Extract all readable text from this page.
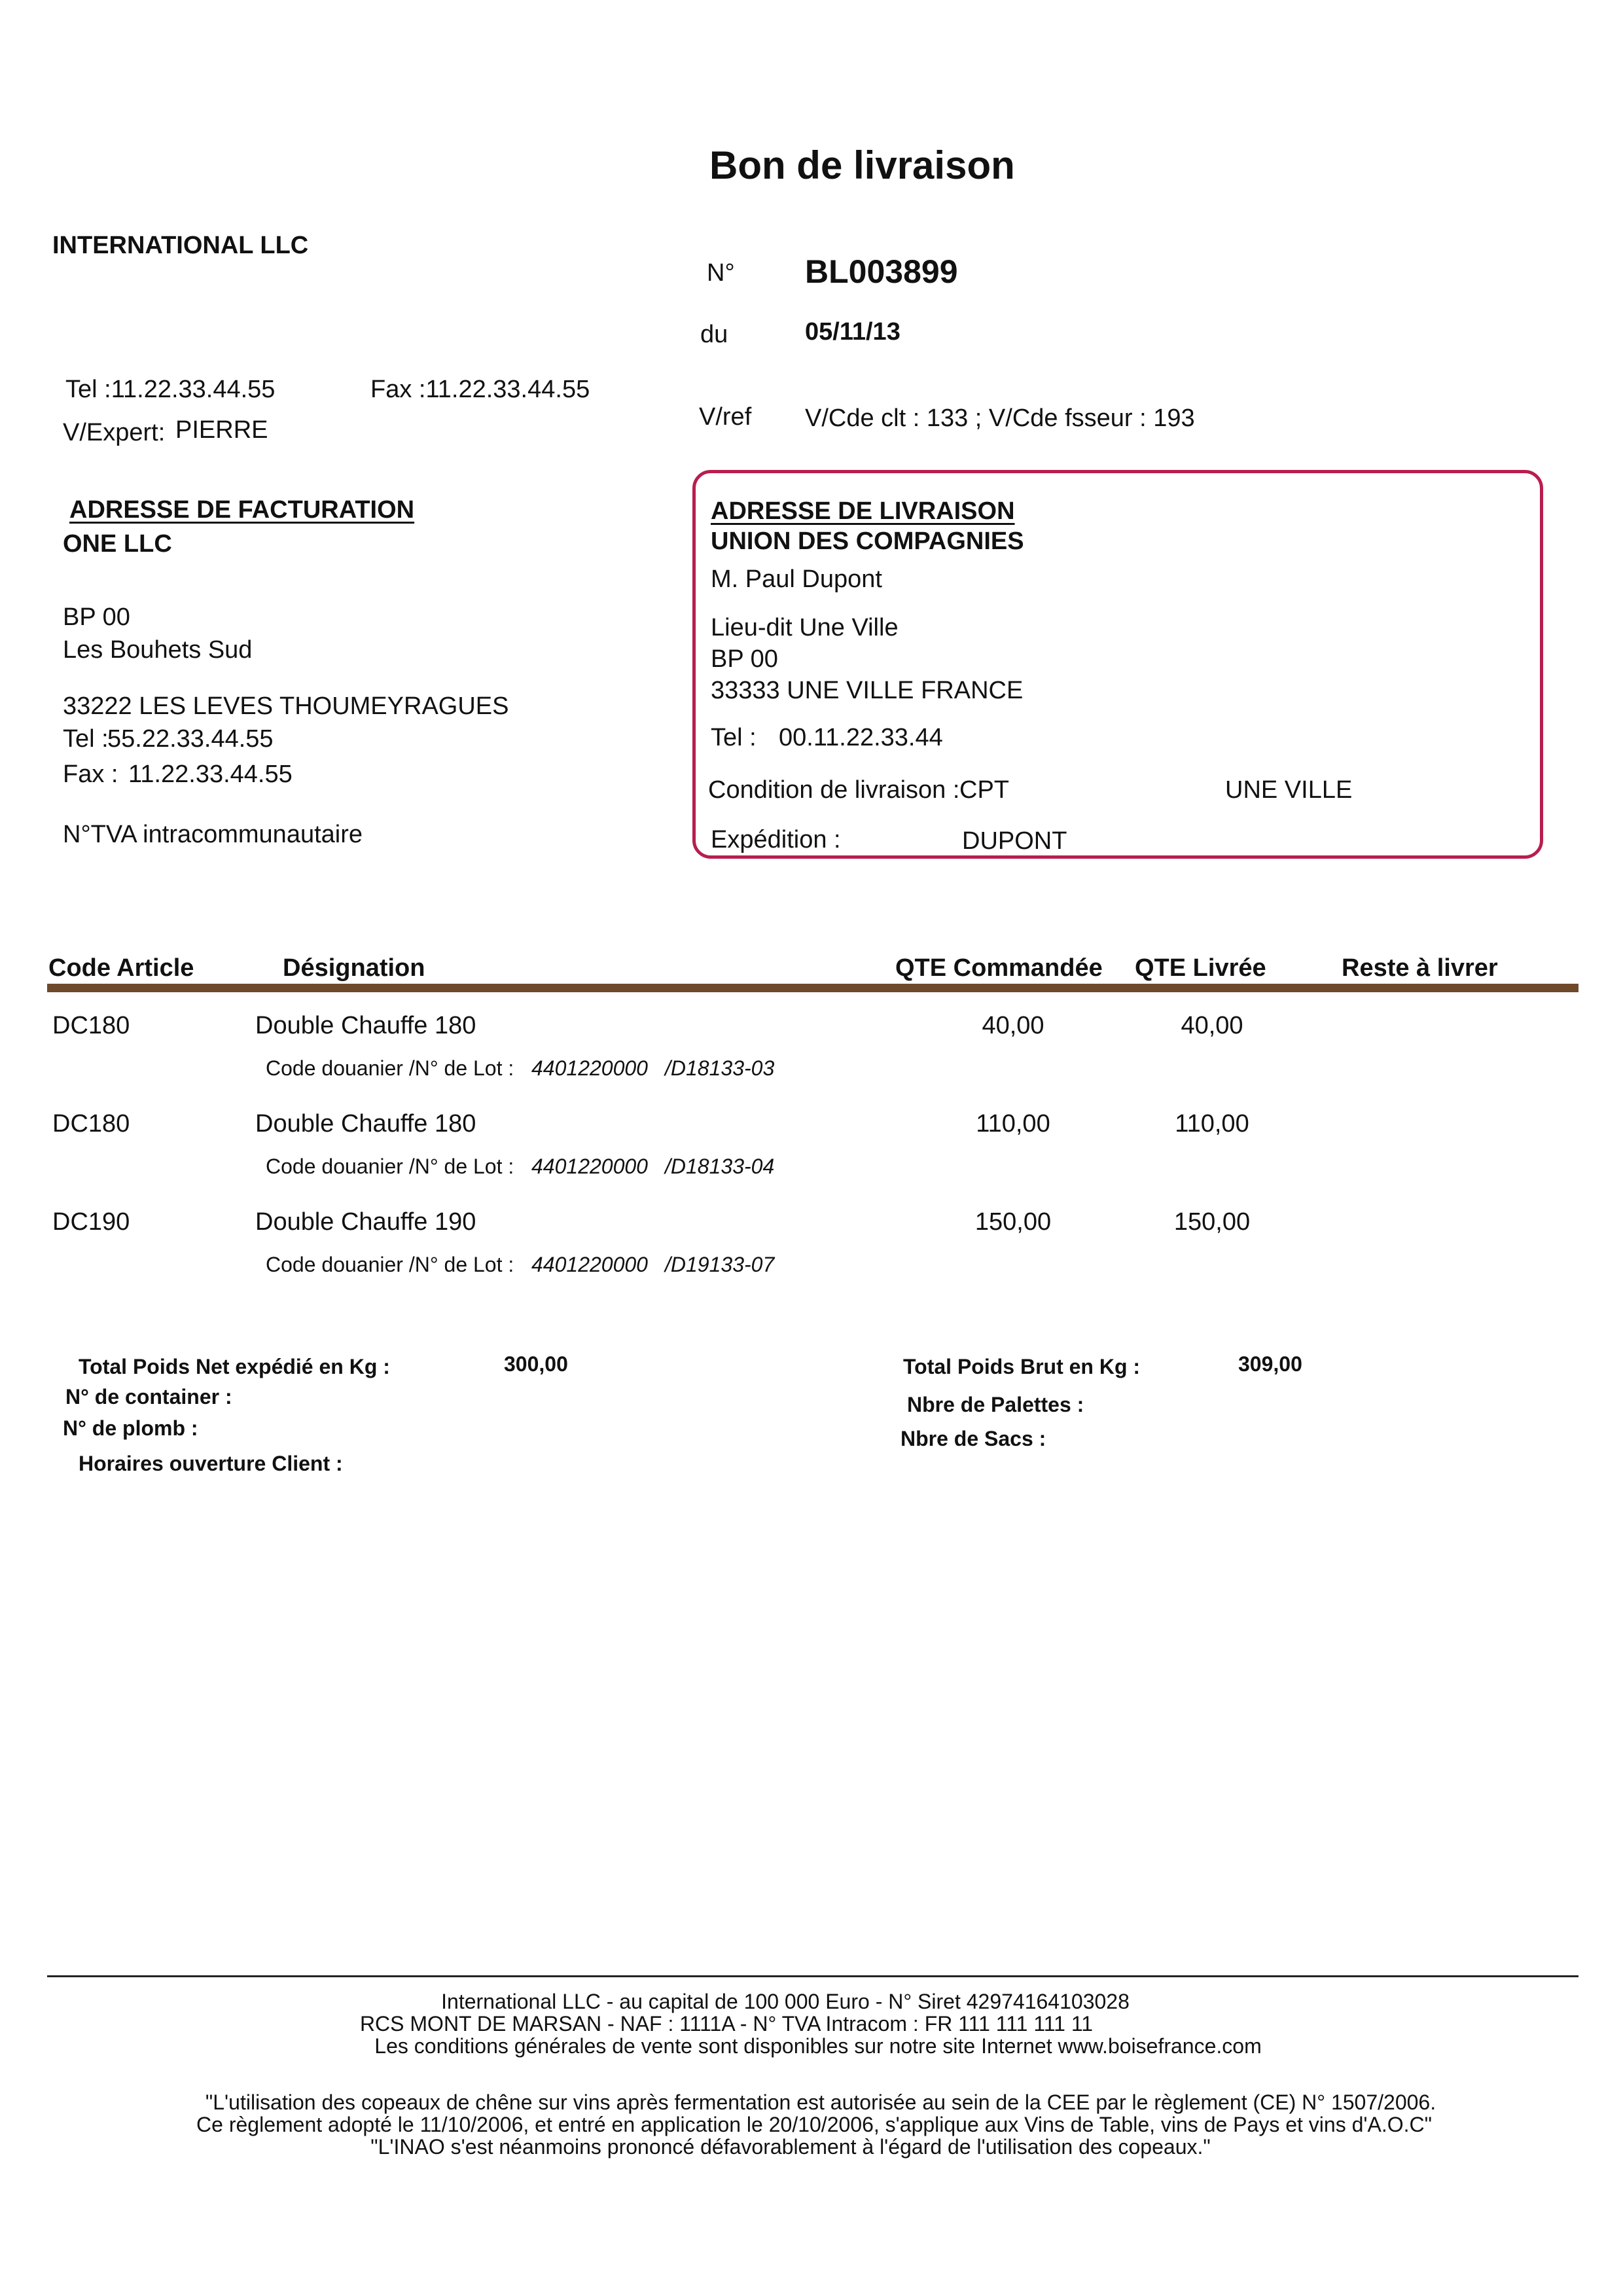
Bon de livraison
INTERNATIONAL LLC
Tel :11.22.33.44.55	Fax :11.22.33.44.55
V/Expert: PIERRE
N° BL003899
du	05/11/13
V/ref V/Cde clt : 133 ; V/Cde fsseur : 193
ADRESSE DE FACTURATION
ONE LLC
BP 00
Les Bouhets Sud
33222 LES LEVES THOUMEYRAGUES
Tel :
55.22.33.44.55
Fax : 11.22.33.44.55
N°TVA intracommunautaire
ADRESSE DE LIVRAISON
UNION DES COMPAGNIES
M. Paul Dupont
Lieu-dit Une Ville
BP 00
33333 UNE VILLE FRANCE
Tel : 00.11.22.33.44
Condition de livraison : CPT	UNE VILLE
Expédition :	DUPONT
Code Article	Désignation	QTE Commandée QTE Livrée	Reste à livrer
DC180	Double Chauffe 180	40,00	40,00
Code douanier /N° de Lot : 4401220000 /D18133-03
DC180	Double Chauffe 180	110,00	110,00
Code douanier /N° de Lot : 4401220000 /D18133-04
DC190	Double Chauffe 190	150,00	150,00
Code douanier /N° de Lot : 4401220000 /D19133-07
Total Poids Net expédié en Kg :	300,00
N° de container :
N° de plomb :
Horaires ouverture Client :
Total Poids Brut en Kg :	309,00
Nbre de Palettes :
Nbre de Sacs :
International LLC - au capital de 100 000 Euro - N° Siret 42974164103028
RCS MONT DE MARSAN - NAF : 1111A - N° TVA Intracom : FR 111 111 111 11
Les conditions générales de vente sont disponibles sur notre site Internet www.boisefrance.com
"L'utilisation des copeaux de chêne sur vins après fermentation est autorisée au sein de la CEE par le règlement (CE) N° 1507/2006.
Ce règlement adopté le 11/10/2006, et entré en application le 20/10/2006, s'applique aux Vins de Table, vins de Pays et vins d'A.O.C"
"L'INAO s'est néanmoins prononcé défavorablement à l'égard de l'utilisation des copeaux."
